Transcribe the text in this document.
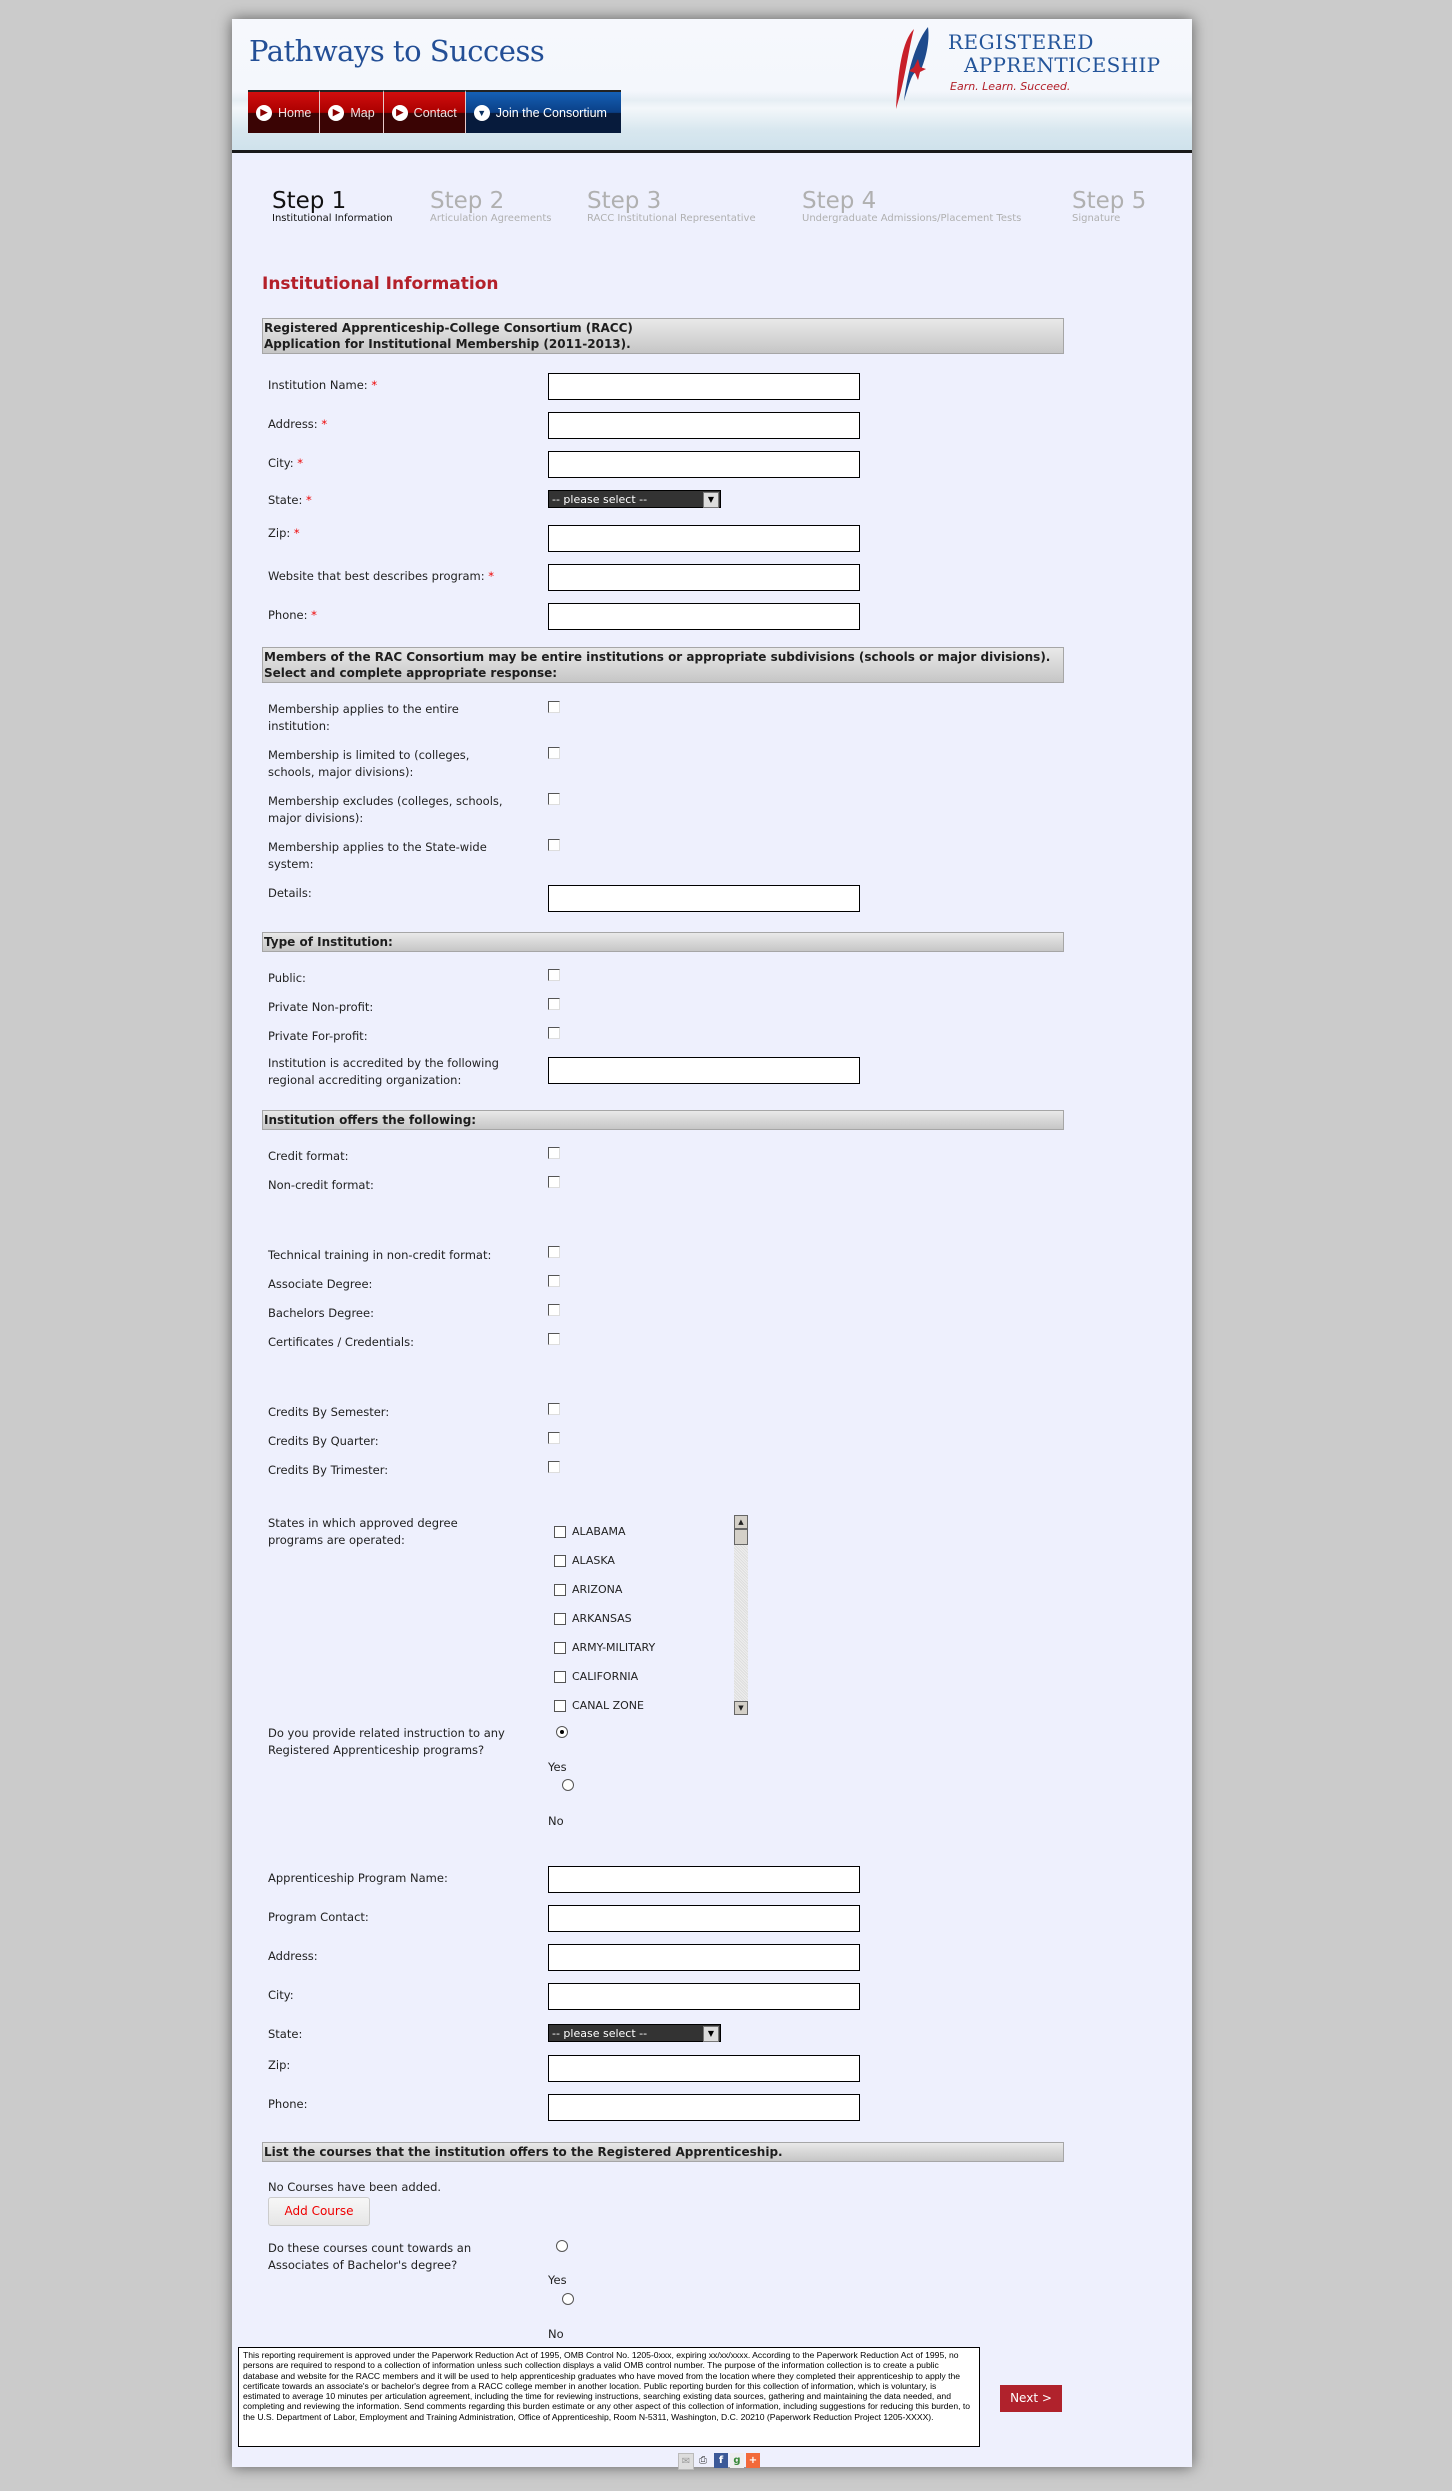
Pathways to Success
▶ Home	▶ Map	▶ Contact	▼ Join the Consortium
REGISTERED
APPRENTICESHIP
Earn. Learn. Succeed.
Step 1
Institutional Information
Step 2
Articulation Agreements
Step 3
RACC Institutional Representative
Step 4
Undergraduate Admissions/Placement Tests
Step 5
Signature
Institutional Information
Registered Apprenticeship-College Consortium (RACC)
Application for Institutional Membership (2011-2013).
Institution Name: *
Address: *
City: *
State: *	-- please select --	▼
Zip: *
Website that best describes program: *
Phone: *
Members of the RAC Consortium may be entire institutions or appropriate subdivisions (schools or major divisions). Select and complete appropriate response:
Membership applies to the entire institution:
Membership is limited to (colleges, schools, major divisions):
Membership excludes (colleges, schools, major divisions):
Membership applies to the State-wide system:
Details:
Type of Institution:
Public:
Private Non-profit:
Private For-profit:
Institution is accredited by the following regional accrediting organization:
Institution offers the following:
Credit format:
Non-credit format:
Technical training in non-credit format:
Associate Degree:
Bachelors Degree:
Certificates / Credentials:
Credits By Semester:
Credits By Quarter:
Credits By Trimester:
States in which approved degree programs are operated:
ALABAMA
ALASKA
ARIZONA
ARKANSAS
ARMY-MILITARY
CALIFORNIA
CANAL ZONE
▲
▼
Do you provide related instruction to any Registered Apprenticeship programs?
Yes
No
Apprenticeship Program Name:
Program Contact:
Address:
City:
State:	-- please select --	▼
Zip:
Phone:
List the courses that the institution offers to the Registered Apprenticeship.
No Courses have been added.
Add Course
Do these courses count towards an Associates of Bachelor's degree?
Yes
No
This reporting requirement is approved under the Paperwork Reduction Act of 1995, OMB Control No. 1205-0xxx, expiring xx/xx/xxxx. According to the Paperwork Reduction Act of 1995, no persons are required to respond to a collection of information unless such collection displays a valid OMB control number. The purpose of the information collection is to create a public database and website for the RACC members and it will be used to help apprenticeship graduates who have moved from the location where they completed their apprenticeship to apply the certificate towards an associate's or bachelor's degree from a RACC college member in another location. Public reporting burden for this collection of information, which is voluntary, is estimated to average 10 minutes per articulation agreement, including the time for reviewing instructions, searching existing data sources, gathering and maintaining the data needed, and completing and reviewing the information. Send comments regarding this burden estimate or any other aspect of this collection of information, including suggestions for reducing this burden, to the U.S. Department of Labor, Employment and Training Administration, Office of Apprenticeship, Room N-5311, Washington, D.C. 20210 (Paperwork Reduction Project 1205-XXXX).
Next >
✉ ⎙	f	g +
